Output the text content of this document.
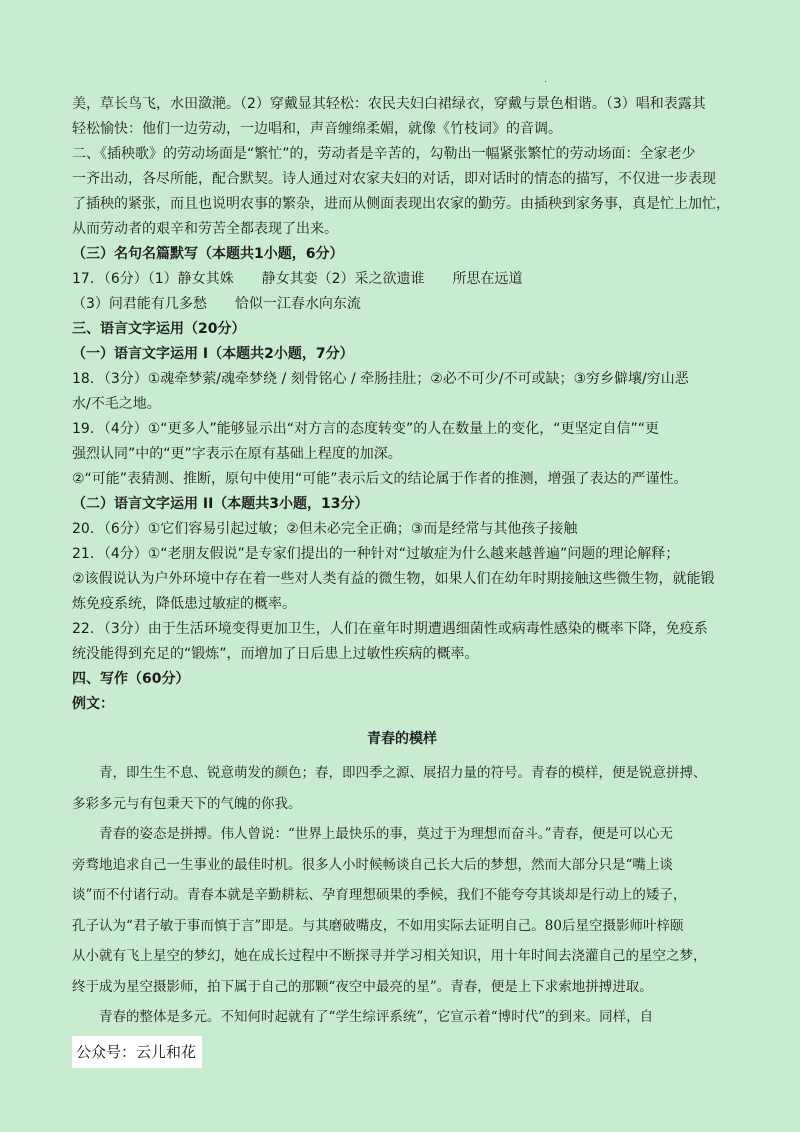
.
美，草长鸟飞，水田潋滟。（2）穿戴显其轻松：农民夫妇白裙绿衣，穿戴与景色相谐。（3）唱和表露其
轻松愉快：他们一边劳动，一边唱和，声音缠绵柔媚，就像《竹枝词》的音调。
二、《插秧歌》的劳动场面是“繁忙”的，劳动者是辛苦的，勾勒出一幅紧张繁忙的劳动场面：全家老少
一齐出动，各尽所能，配合默契。诗人通过对农家夫妇的对话，即对话时的情态的描写，不仅进一步表现
了插秧的紧张，而且也说明农事的繁杂，进而从侧面表现出农家的勤劳。由插秧到家务事，真是忙上加忙，
从而劳动者的艰辛和劳苦全都表现了出来。
（三）名句名篇默写（本题共1小题，6分）
17．（6分）（1）静女其姝　　静女其娈（2）采之欲遗谁　　所思在远道
（3）问君能有几多愁　　恰似一江春水向东流
三、语言文字运用（20分）
（一）语言文字运用 I（本题共2小题，7分）
18．（3分）①魂牵梦萦/魂牵梦绕 / 刻骨铭心 / 牵肠挂肚；②必不可少/不可或缺；③穷乡僻壤/穷山恶
水/不毛之地。
19．（4分）①“更多人”能够显示出“对方言的态度转变”的人在数量上的变化，“更坚定自信”“更
强烈认同”中的“更”字表示在原有基础上程度的加深。
②“可能”表猜测、推断，原句中使用“可能”表示后文的结论属于作者的推测，增强了表达的严谨性。
（二）语言文字运用 II（本题共3小题，13分）
20．（6分）①它们容易引起过敏；②但未必完全正确；③而是经常与其他孩子接触
21．（4分）①“老朋友假说”是专家们提出的一种针对“过敏症为什么越来越普遍”问题的理论解释；
②该假说认为户外环境中存在着一些对人类有益的微生物，如果人们在幼年时期接触这些微生物，就能锻
炼免疫系统，降低患过敏症的概率。
22．（3分）由于生活环境变得更加卫生，人们在童年时期遭遇细菌性或病毒性感染的概率下降，免疫系
统没能得到充足的“锻炼”，而增加了日后患上过敏性疾病的概率。
四、写作（60分）
例文：
青春的模样
　　青，即生生不息、锐意萌发的颜色；春，即四季之源、展招力量的符号。青春的模样，便是锐意拼搏、
多彩多元与有包秉天下的气魄的你我。
　　青春的姿态是拼搏。伟人曾说：“世界上最快乐的事，莫过于为理想而奋斗。”青春，便是可以心无
旁骛地追求自己一生事业的最佳时机。很多人小时候畅谈自己长大后的梦想，然而大部分只是“嘴上谈
谈”而不付诸行动。青春本就是辛勤耕耘、孕育理想硕果的季候，我们不能夸夸其谈却是行动上的矮子，
孔子认为“君子敏于事而慎于言”即是。与其磨破嘴皮，不如用实际去证明自己。80后星空摄影师叶梓颐
从小就有飞上星空的梦幻，她在成长过程中不断探寻并学习相关知识，用十年时间去浇灌自己的星空之梦，
终于成为星空摄影师，拍下属于自己的那颗“夜空中最亮的星”。青春，便是上下求索地拼搏进取。
　　青春的整体是多元。不知何时起就有了“学生综评系统”，它宣示着“博时代”的到来。同样，自
公众号：云儿和花
